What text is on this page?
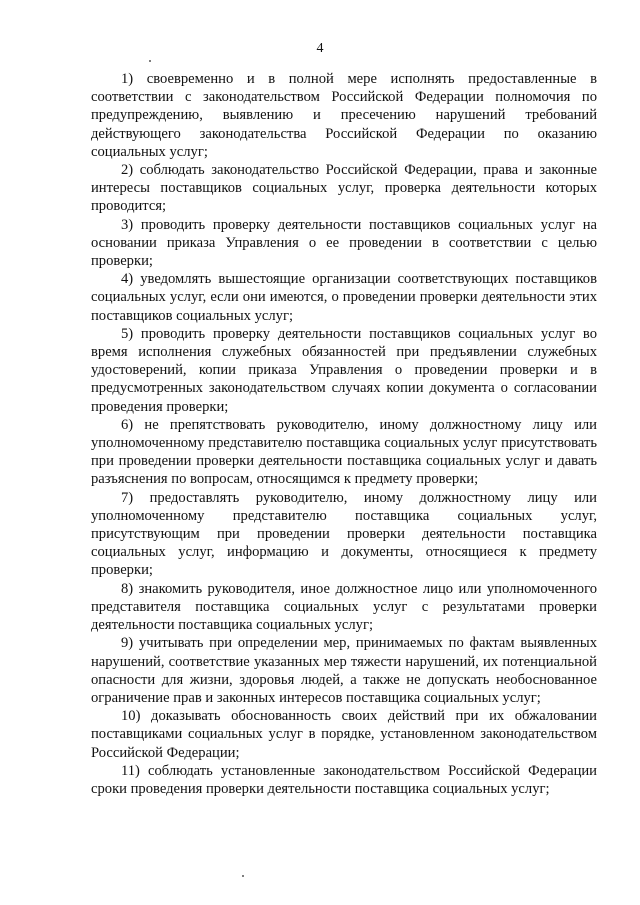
4

1) своевременно и в полной мере исполнять предоставленные в соответствии с законодательством Российской Федерации полномочия по предупреждению, выявлению и пресечению нарушений требований действующего законодательства Российской Федерации по оказанию социальных услуг;

2) соблюдать законодательство Российской Федерации, права и законные интересы поставщиков социальных услуг, проверка деятельности которых проводится;

3) проводить проверку деятельности поставщиков социальных услуг на основании приказа Управления о ее проведении в соответствии с целью проверки;

4) уведомлять вышестоящие организации соответствующих поставщиков социальных услуг, если они имеются, о проведении проверки деятельности этих поставщиков социальных услуг;

5) проводить проверку деятельности поставщиков социальных услуг во время исполнения служебных обязанностей при предъявлении служебных удостоверений, копии приказа Управления о проведении проверки и в предусмотренных законодательством случаях копии документа о согласовании проведения проверки;

6) не препятствовать руководителю, иному должностному лицу или уполномоченному представителю поставщика социальных услуг присутствовать при проведении проверки деятельности поставщика социальных услуг и давать разъяснения по вопросам, относящимся к предмету проверки;

7) предоставлять руководителю, иному должностному лицу или уполномоченному представителю поставщика социальных услуг, присутствующим при проведении проверки деятельности поставщика социальных услуг, информацию и документы, относящиеся к предмету проверки;

8) знакомить руководителя, иное должностное лицо или уполномоченного представителя поставщика социальных услуг с результатами проверки деятельности поставщика социальных услуг;

9) учитывать при определении мер, принимаемых по фактам выявленных нарушений, соответствие указанных мер тяжести нарушений, их потенциальной опасности для жизни, здоровья людей, а также не допускать необоснованное ограничение прав и законных интересов поставщика социальных услуг;

10) доказывать обоснованность своих действий при их обжаловании поставщиками социальных услуг в порядке, установленном законодательством Российской Федерации;

11) соблюдать установленные законодательством Российской Федерации сроки проведения проверки деятельности поставщика социальных услуг;
